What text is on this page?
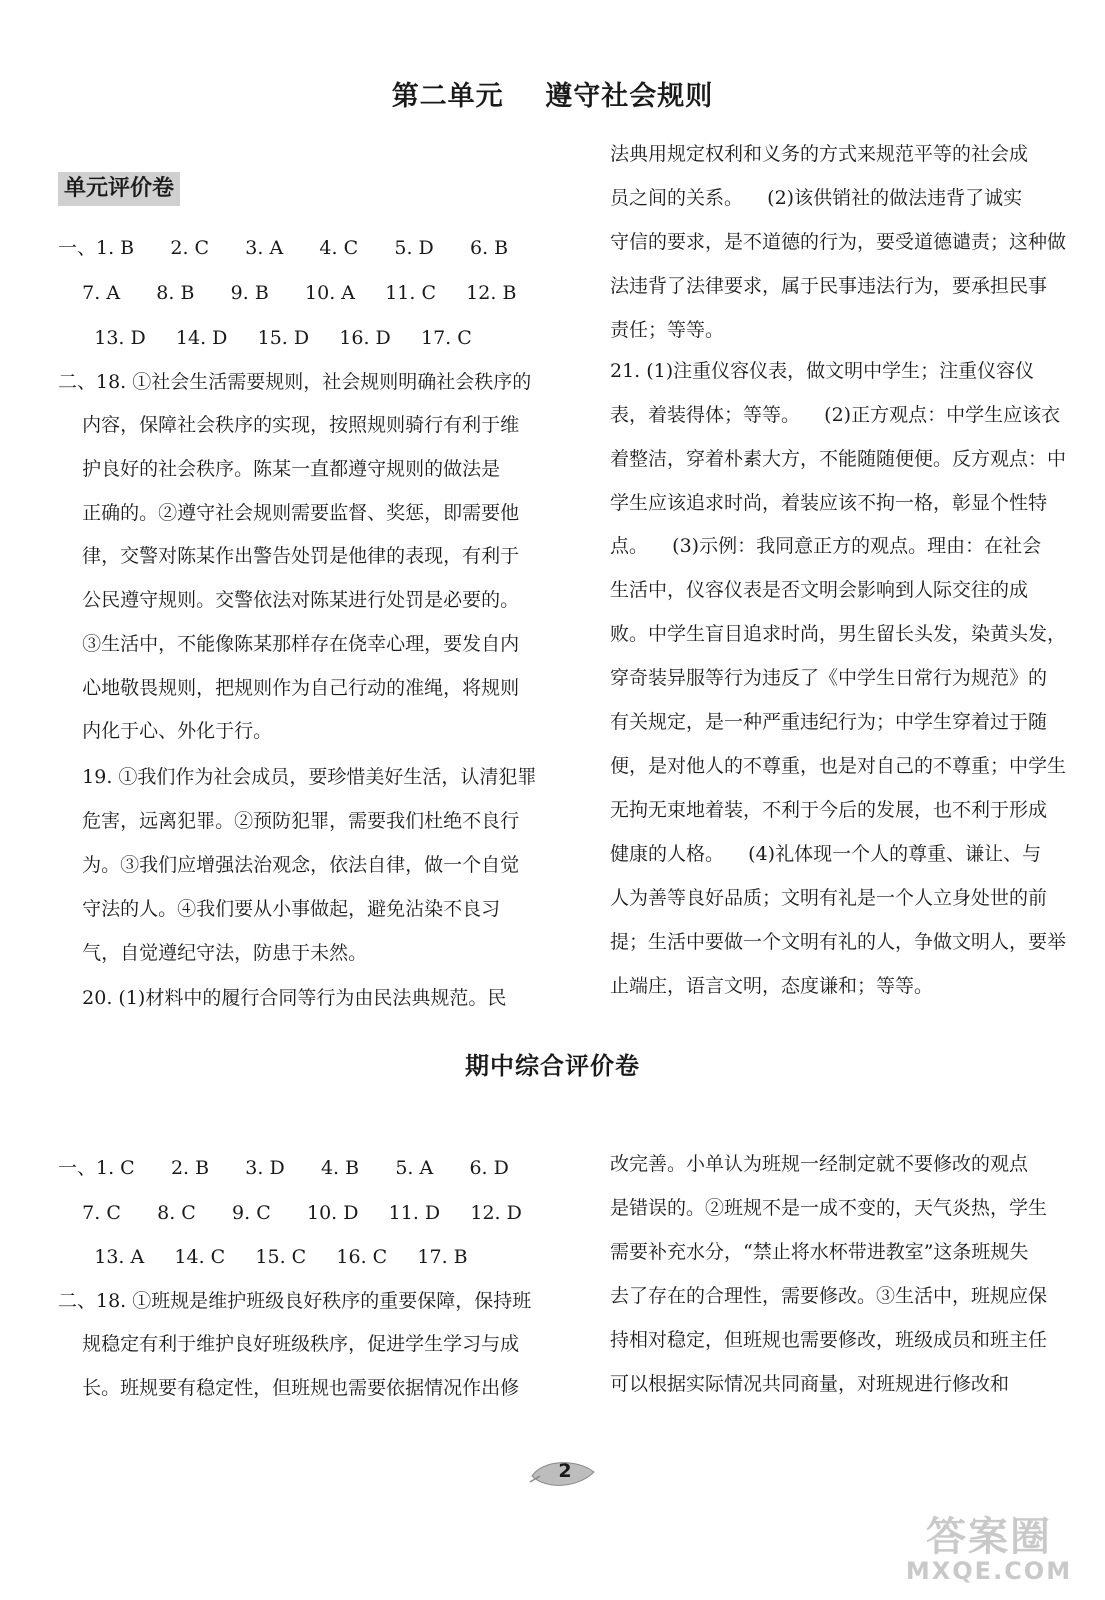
第二单元    遵守社会规则
单元评价卷
一、1. B      2. C      3. A      4. C      5. D      6. B
7. A      8. B      9. B      10. A     11. C     12. B
13. D     14. D     15. D     16. D     17. C
二、18. ①社会生活需要规则，社会规则明确社会秩序的
内容，保障社会秩序的实现，按照规则骑行有利于维
护良好的社会秩序。陈某一直都遵守规则的做法是
正确的。②遵守社会规则需要监督、奖惩，即需要他
律，交警对陈某作出警告处罚是他律的表现，有利于
公民遵守规则。交警依法对陈某进行处罚是必要的。
③生活中，不能像陈某那样存在侥幸心理，要发自内
心地敬畏规则，把规则作为自己行动的准绳，将规则
内化于心、外化于行。
19. ①我们作为社会成员，要珍惜美好生活，认清犯罪
危害，远离犯罪。②预防犯罪，需要我们杜绝不良行
为。③我们应增强法治观念，依法自律，做一个自觉
守法的人。④我们要从小事做起，避免沾染不良习
气，自觉遵纪守法，防患于未然。
20. (1)材料中的履行合同等行为由民法典规范。民
法典用规定权利和义务的方式来规范平等的社会成
员之间的关系。    (2)该供销社的做法违背了诚实
守信的要求，是不道德的行为，要受道德谴责；这种做
法违背了法律要求，属于民事违法行为，要承担民事
责任；等等。
21. (1)注重仪容仪表，做文明中学生；注重仪容仪
表，着装得体；等等。    (2)正方观点：中学生应该衣
着整洁，穿着朴素大方，不能随随便便。反方观点：中
学生应该追求时尚，着装应该不拘一格，彰显个性特
点。    (3)示例：我同意正方的观点。理由：在社会
生活中，仪容仪表是否文明会影响到人际交往的成
败。中学生盲目追求时尚，男生留长头发，染黄头发，
穿奇装异服等行为违反了《中学生日常行为规范》的
有关规定，是一种严重违纪行为；中学生穿着过于随
便，是对他人的不尊重，也是对自己的不尊重；中学生
无拘无束地着装，不利于今后的发展，也不利于形成
健康的人格。    (4)礼体现一个人的尊重、谦让、与
人为善等良好品质；文明有礼是一个人立身处世的前
提；生活中要做一个文明有礼的人，争做文明人，要举
止端庄，语言文明，态度谦和；等等。
期中综合评价卷
一、1. C      2. B      3. D      4. B      5. A      6. D
7. C      8. C      9. C      10. D     11. D     12. D
13. A     14. C     15. C     16. C     17. B
二、18. ①班规是维护班级良好秩序的重要保障，保持班
规稳定有利于维护良好班级秩序，促进学生学习与成
长。班规要有稳定性，但班规也需要依据情况作出修
改完善。小单认为班规一经制定就不要修改的观点
是错误的。②班规不是一成不变的，天气炎热，学生
需要补充水分，“禁止将水杯带进教室”这条班规失
去了存在的合理性，需要修改。③生活中，班规应保
持相对稳定，但班规也需要修改，班级成员和班主任
可以根据实际情况共同商量，对班规进行修改和
2
答案圈
MXQE.COM
